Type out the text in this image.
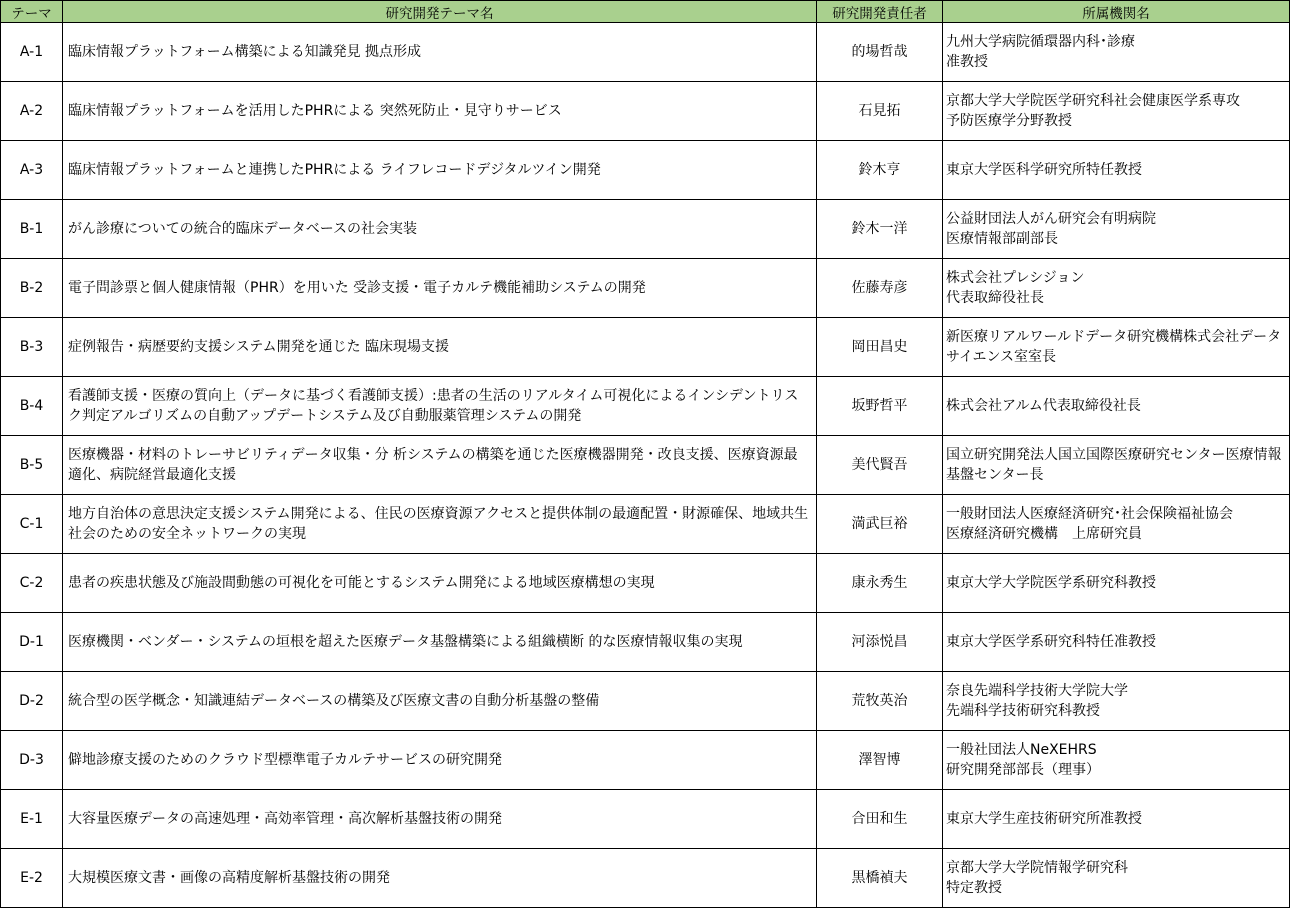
テーマ	研究開発テーマ名	研究開発責任者	所属機関名
A-1	臨床情報プラットフォーム構築による知識発見 拠点形成	的場哲哉	九州大学病院循環器内科･診療
准教授
A-2	臨床情報プラットフォームを活用したPHRによる 突然死防止・見守りサービス	石見拓	京都大学大学院医学研究科社会健康医学系専攻
予防医療学分野教授
A-3	臨床情報プラットフォームと連携したPHRによる ライフレコードデジタルツイン開発	鈴木亨	東京大学医科学研究所特任教授
B-1	がん診療についての統合的臨床データベースの社会実装	鈴木一洋	公益財団法人がん研究会有明病院
医療情報部副部長
B-2	電子問診票と個人健康情報（PHR）を用いた 受診支援・電子カルテ機能補助システムの開発	佐藤寿彦	株式会社プレシジョン
代表取締役社長
B-3	症例報告・病歴要約支援システム開発を通じた 臨床現場支援	岡田昌史	新医療リアルワールドデータ研究機構株式会社データサイエンス室室長
B-4	看護師支援・医療の質向上（データに基づく看護師支援）:患者の生活のリアルタイム可視化によるインシデントリスク判定アルゴリズムの自動アップデートシステム及び自動服薬管理システムの開発	坂野哲平	株式会社アルム代表取締役社長
B-5	医療機器・材料のトレーサビリティデータ収集・分 析システムの構築を通じた医療機器開発・改良支援、医療資源最適化、病院経営最適化支援	美代賢吾	国立研究開発法人国立国際医療研究センター医療情報基盤センター長
C-1	地方自治体の意思決定支援システム開発による、住民の医療資源アクセスと提供体制の最適配置・財源確保、地域共生社会のための安全ネットワークの実現	満武巨裕	一般財団法人医療経済研究･社会保険福祉協会
医療経済研究機構　上席研究員
C-2	患者の疾患状態及び施設間動態の可視化を可能とするシステム開発による地域医療構想の実現	康永秀生	東京大学大学院医学系研究科教授
D-1	医療機関・ベンダー・システムの垣根を超えた医療データ基盤構築による組織横断 的な医療情報収集の実現	河添悦昌	東京大学医学系研究科特任准教授
D-2	統合型の医学概念・知識連結データベースの構築及び医療文書の自動分析基盤の整備	荒牧英治	奈良先端科学技術大学院大学
先端科学技術研究科教授
D-3	僻地診療支援のためのクラウド型標準電子カルテサービスの研究開発	澤智博	一般社団法人NeXEHRS
研究開発部部長（理事）
E-1	大容量医療データの高速処理・高効率管理・高次解析基盤技術の開発	合田和生	東京大学生産技術研究所准教授
E-2	大規模医療文書・画像の高精度解析基盤技術の開発	黒橋禎夫	京都大学大学院情報学研究科
特定教授
